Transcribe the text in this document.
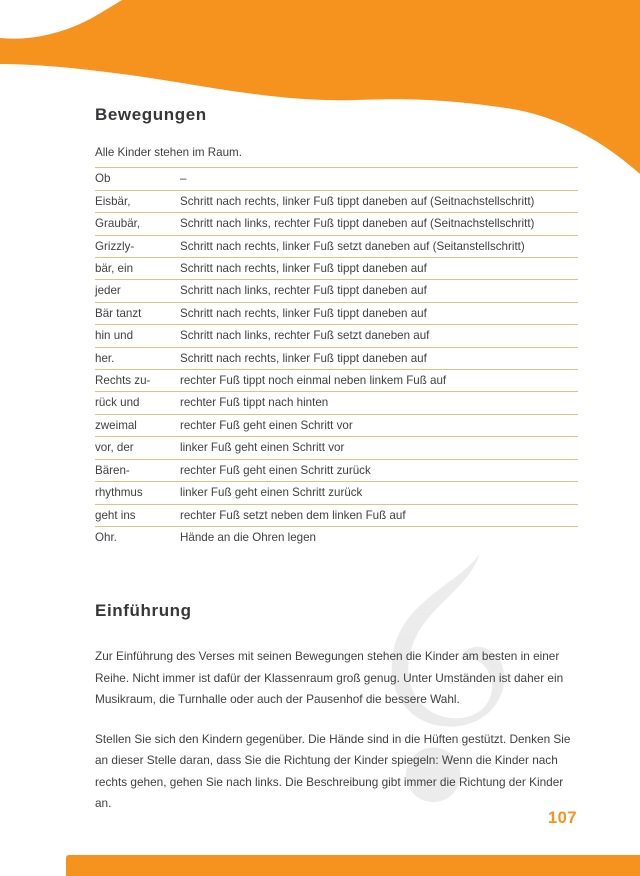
Bewegungen
Alle Kinder stehen im Raum.
Ob	–
Eisbär,	Schritt nach rechts, linker Fuß tippt daneben auf (Seitnachstellschritt)
Graubär,	Schritt nach links, rechter Fuß tippt daneben auf (Seitnachstellschritt)
Grizzly-	Schritt nach rechts, linker Fuß setzt daneben auf (Seitanstellschritt)
bär, ein	Schritt nach rechts, linker Fuß tippt daneben auf
jeder	Schritt nach links, rechter Fuß tippt daneben auf
Bär tanzt	Schritt nach rechts, linker Fuß tippt daneben auf
hin und	Schritt nach links, rechter Fuß setzt daneben auf
her.	Schritt nach rechts, linker Fuß tippt daneben auf
Rechts zu-	rechter Fuß tippt noch einmal neben linkem Fuß auf
rück und	rechter Fuß tippt nach hinten
zweimal	rechter Fuß geht einen Schritt vor
vor, der	linker Fuß geht einen Schritt vor
Bären-	rechter Fuß geht einen Schritt zurück
rhythmus	linker Fuß geht einen Schritt zurück
geht ins	rechter Fuß setzt neben dem linken Fuß auf
Ohr.	Hände an die Ohren legen
Einführung

Zur Einführung des Verses mit seinen Bewegungen stehen die Kinder am besten in einer Reihe. Nicht immer ist dafür der Klassenraum groß genug. Unter Umständen ist daher ein Musikraum, die Turnhalle oder auch der Pausenhof die bessere Wahl.

Stellen Sie sich den Kindern gegenüber. Die Hände sind in die Hüften gestützt. Denken Sie an dieser Stelle daran, dass Sie die Richtung der Kinder spiegeln: Wenn die Kinder nach rechts gehen, gehen Sie nach links. Die Beschreibung gibt immer die Richtung der Kinder an.

107
